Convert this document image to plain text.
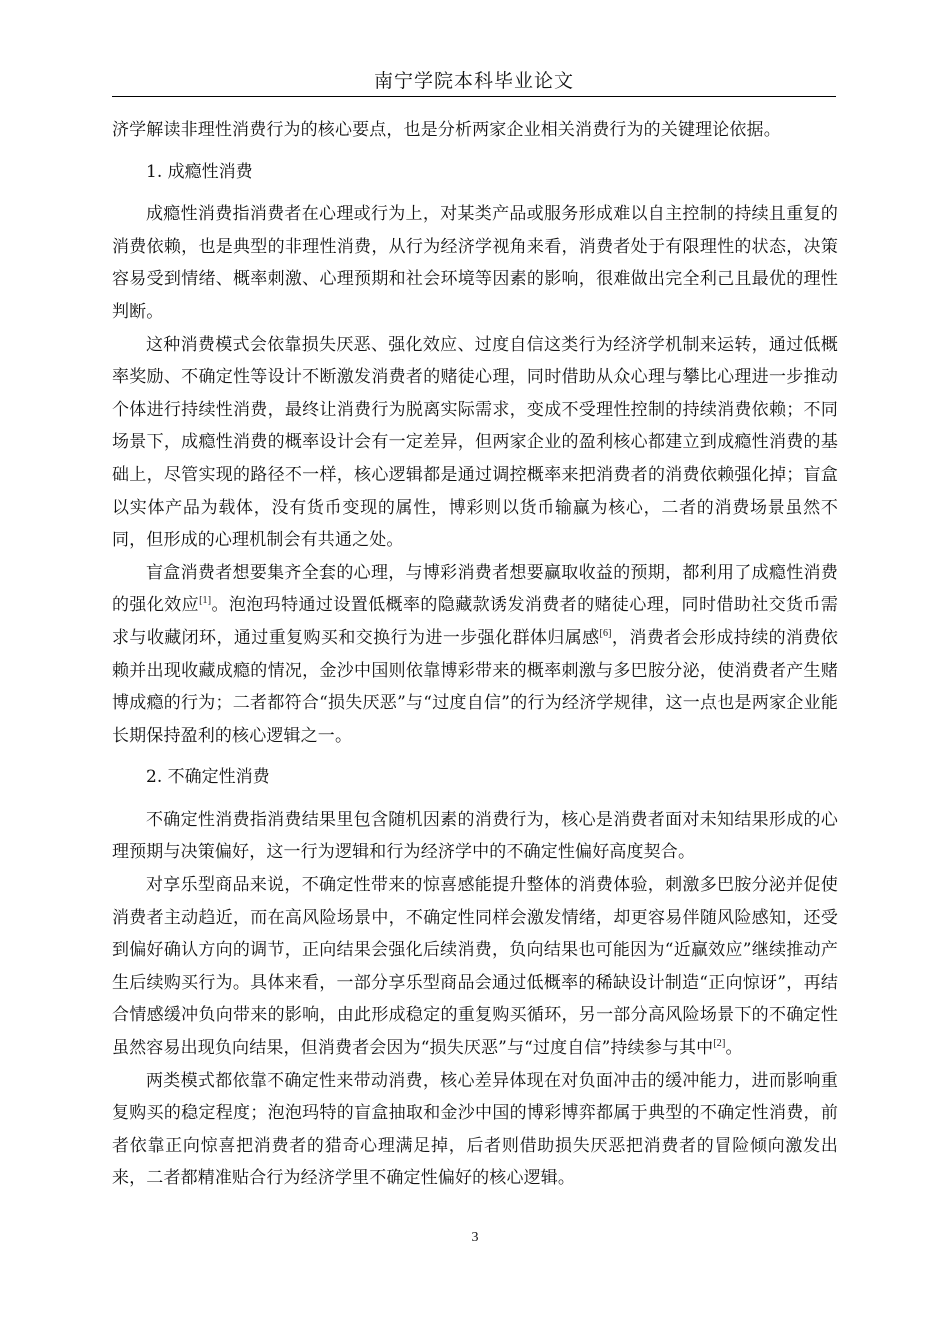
南宁学院本科毕业论文

济学解读非理性消费行为的核心要点，也是分析两家企业相关消费行为的关键理论依据。

1. 成瘾性消费

成瘾性消费指消费者在心理或行为上，对某类产品或服务形成难以自主控制的持续且重复的消费依赖，也是典型的非理性消费，从行为经济学视角来看，消费者处于有限理性的状态，决策容易受到情绪、概率刺激、心理预期和社会环境等因素的影响，很难做出完全利己且最优的理性判断。

这种消费模式会依靠损失厌恶、强化效应、过度自信这类行为经济学机制来运转，通过低概率奖励、不确定性等设计不断激发消费者的赌徒心理，同时借助从众心理与攀比心理进一步推动个体进行持续性消费，最终让消费行为脱离实际需求，变成不受理性控制的持续消费依赖；不同场景下，成瘾性消费的概率设计会有一定差异，但两家企业的盈利核心都建立到成瘾性消费的基础上，尽管实现的路径不一样，核心逻辑都是通过调控概率来把消费者的消费依赖强化掉；盲盒以实体产品为载体，没有货币变现的属性，博彩则以货币输赢为核心，二者的消费场景虽然不同，但形成的心理机制会有共通之处。

盲盒消费者想要集齐全套的心理，与博彩消费者想要赢取收益的预期，都利用了成瘾性消费的强化效应[1]。泡泡玛特通过设置低概率的隐藏款诱发消费者的赌徒心理，同时借助社交货币需求与收藏闭环，通过重复购买和交换行为进一步强化群体归属感[6]，消费者会形成持续的消费依赖并出现收藏成瘾的情况，金沙中国则依靠博彩带来的概率刺激与多巴胺分泌，使消费者产生赌博成瘾的行为；二者都符合“损失厌恶”与“过度自信”的行为经济学规律，这一点也是两家企业能长期保持盈利的核心逻辑之一。

2. 不确定性消费

不确定性消费指消费结果里包含随机因素的消费行为，核心是消费者面对未知结果形成的心理预期与决策偏好，这一行为逻辑和行为经济学中的不确定性偏好高度契合。

对享乐型商品来说，不确定性带来的惊喜感能提升整体的消费体验，刺激多巴胺分泌并促使消费者主动趋近，而在高风险场景中，不确定性同样会激发情绪，却更容易伴随风险感知，还受到偏好确认方向的调节，正向结果会强化后续消费，负向结果也可能因为“近赢效应”继续推动产生后续购买行为。具体来看，一部分享乐型商品会通过低概率的稀缺设计制造“正向惊讶”，再结合情感缓冲负向带来的影响，由此形成稳定的重复购买循环，另一部分高风险场景下的不确定性虽然容易出现负向结果，但消费者会因为“损失厌恶”与“过度自信”持续参与其中[2]。

两类模式都依靠不确定性来带动消费，核心差异体现在对负面冲击的缓冲能力，进而影响重复购买的稳定程度；泡泡玛特的盲盒抽取和金沙中国的博彩博弈都属于典型的不确定性消费，前者依靠正向惊喜把消费者的猎奇心理满足掉，后者则借助损失厌恶把消费者的冒险倾向激发出来，二者都精准贴合行为经济学里不确定性偏好的核心逻辑。

3
